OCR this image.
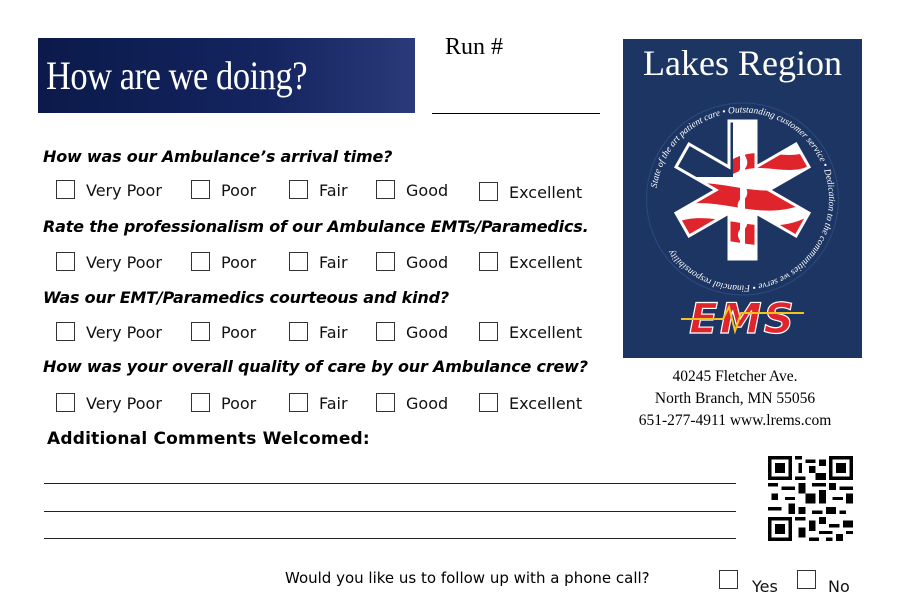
How are we doing?
Run #
How was our Ambulance’s arrival time?
Very Poor	Poor	Fair	Good	Excellent
Rate the professionalism of our Ambulance EMTs/Paramedics.
Very Poor	Poor	Fair	Good	Excellent
Was our EMT/Paramedics courteous and kind?
Very Poor	Poor	Fair	Good	Excellent
How was your overall quality of care by our Ambulance crew?
Very Poor	Poor	Fair	Good	Excellent
Lakes Region
EMS
State of the art patient care • Outstanding customer service • Dedication to the communities we serve • Financial responsibility
40245 Fletcher Ave.
North Branch, MN 55056
651-277-4911 www.lrems.com
Additional Comments Welcomed:
Would you like us to follow up with a phone call?	Yes	No
